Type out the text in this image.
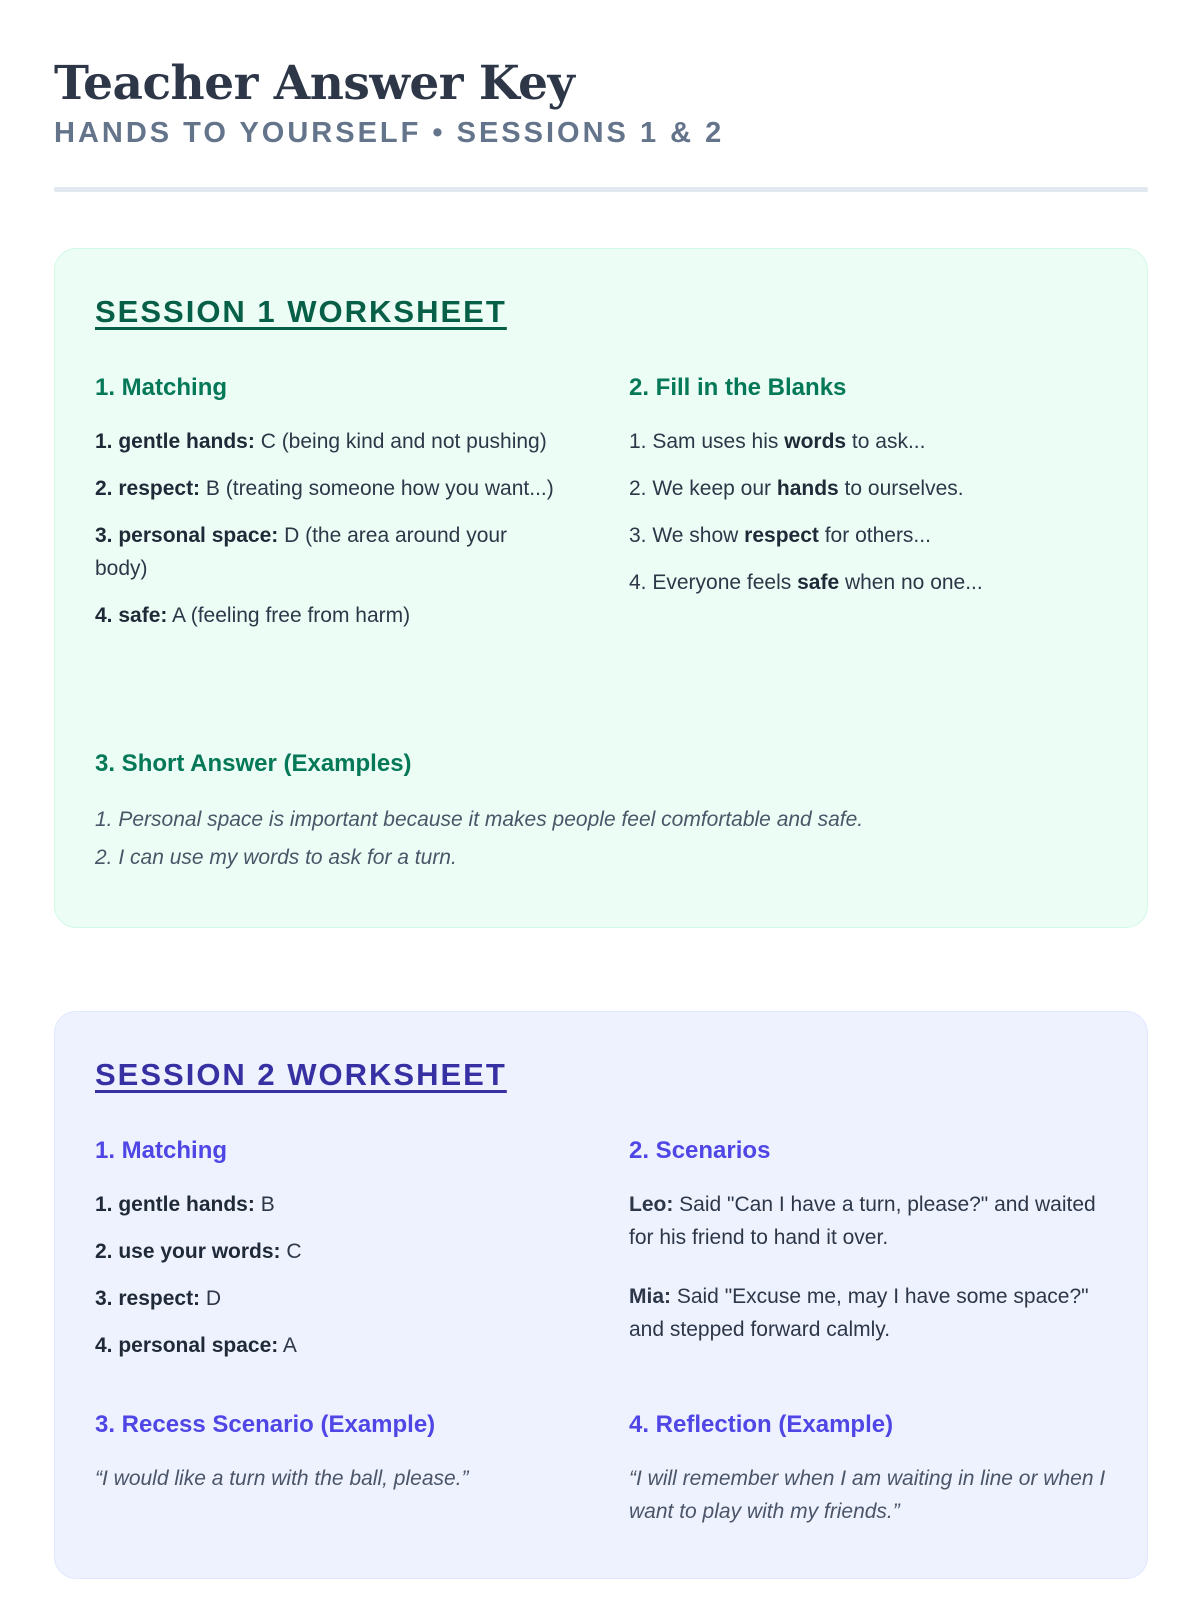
Teacher Answer Key
HANDS TO YOURSELF • SESSIONS 1 & 2
SESSION 1 WORKSHEET
1. Matching
1. gentle hands: C (being kind and not pushing)
2. respect: B (treating someone how you want...)
3. personal space: D (the area around your body)
4. safe: A (feeling free from harm)
2. Fill in the Blanks
1. Sam uses his words to ask...
2. We keep our hands to ourselves.
3. We show respect for others...
4. Everyone feels safe when no one...
3. Short Answer (Examples)
1. Personal space is important because it makes people feel comfortable and safe.
2. I can use my words to ask for a turn.
SESSION 2 WORKSHEET
1. Matching
1. gentle hands: B
2. use your words: C
3. respect: D
4. personal space: A
2. Scenarios
Leo: Said "Can I have a turn, please?" and waited for his friend to hand it over.
Mia: Said "Excuse me, may I have some space?" and stepped forward calmly.
3. Recess Scenario (Example)
“I would like a turn with the ball, please.”
4. Reflection (Example)
“I will remember when I am waiting in line or when I want to play with my friends.”
